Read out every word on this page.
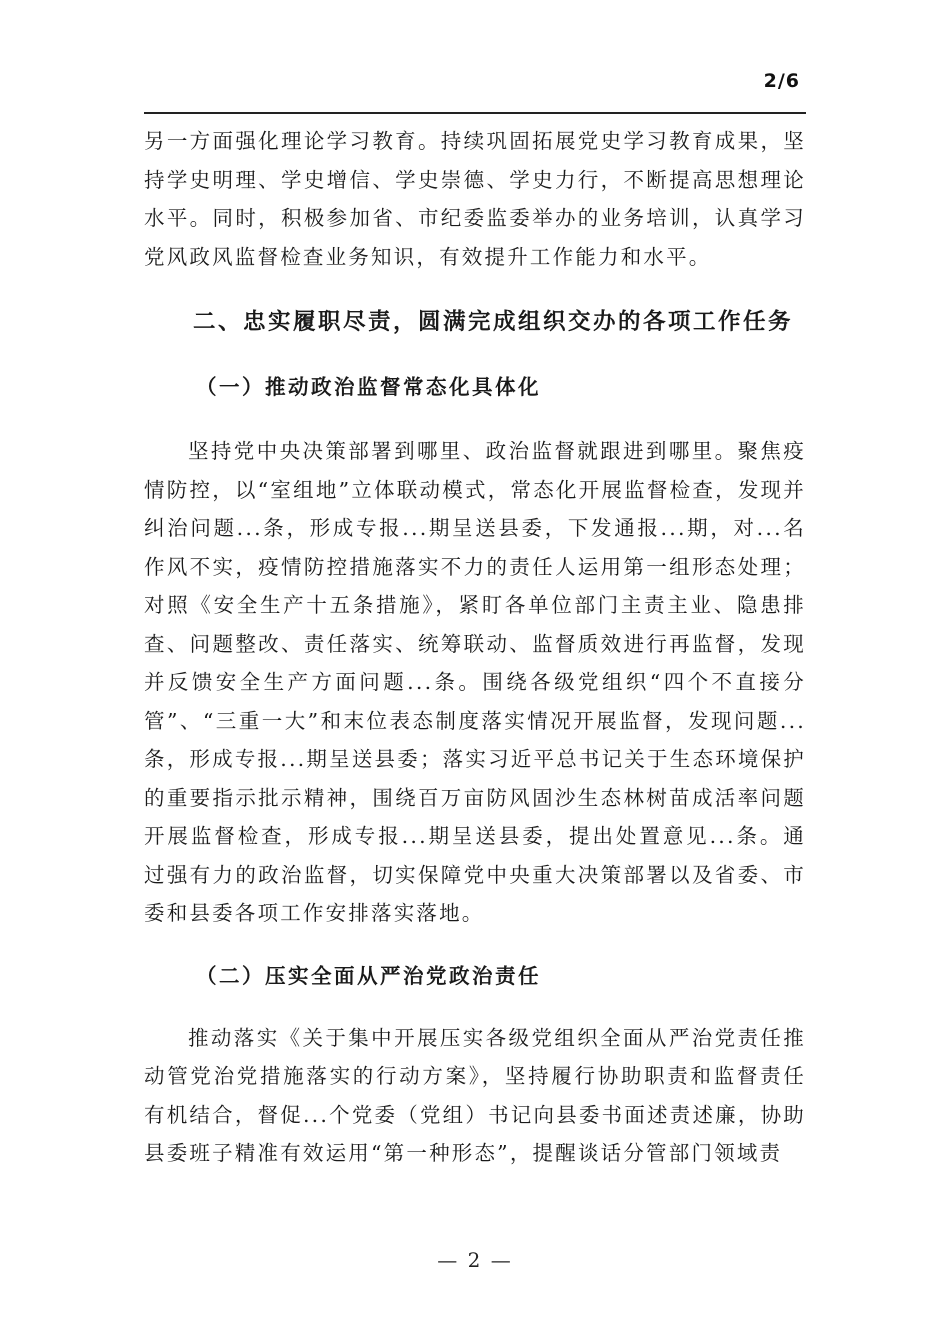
2/6

另一方面强化理论学习教育。持续巩固拓展党史学习教育成果，坚持学史明理、学史增信、学史崇德、学史力行，不断提高思想理论水平。同时，积极参加省、市纪委监委举办的业务培训，认真学习党风政风监督检查业务知识，有效提升工作能力和水平。

二、忠实履职尽责，圆满完成组织交办的各项工作任务
（一）推动政治监督常态化具体化

坚持党中央决策部署到哪里、政治监督就跟进到哪里。聚焦疫情防控，以“室组地”立体联动模式，常态化开展监督检查，发现并纠治问题...条，形成专报...期呈送县委，下发通报...期，对...名作风不实，疫情防控措施落实不力的责任人运用第一组形态处理；对照《安全生产十五条措施》，紧盯各单位部门主责主业、隐患排查、问题整改、责任落实、统筹联动、监督质效进行再监督，发现并反馈安全生产方面问题...条。围绕各级党组织“四个不直接分管”、“三重一大”和末位表态制度落实情况开展监督，发现问题...条，形成专报...期呈送县委；落实习近平总书记关于生态环境保护的重要指示批示精神，围绕百万亩防风固沙生态林树苗成活率问题开展监督检查，形成专报...期呈送县委，提出处置意见...条。通过强有力的政治监督，切实保障党中央重大决策部署以及省委、市委和县委各项工作安排落实落地。

（二）压实全面从严治党政治责任

推动落实《关于集中开展压实各级党组织全面从严治党责任推动管党治党措施落实的行动方案》，坚持履行协助职责和监督责任有机结合，督促...个党委（党组）书记向县委书面述责述廉，协助县委班子精准有效运用“第一种形态”，提醒谈话分管部门领域责

— 2 —
